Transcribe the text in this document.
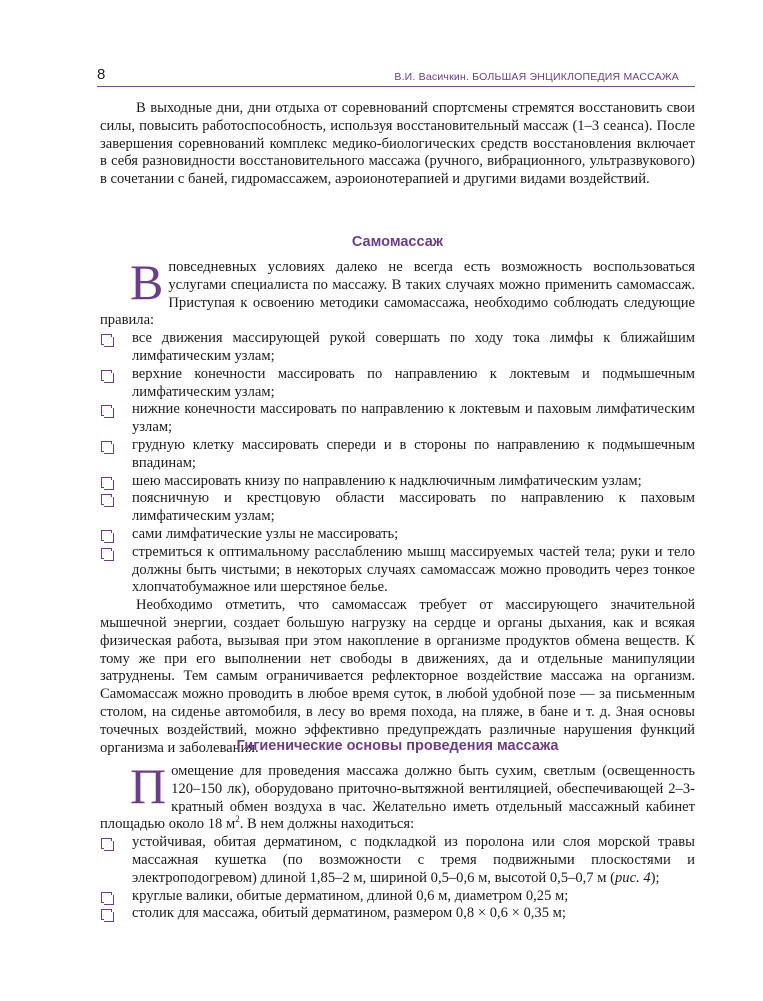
8	В.И. Васичкин. БОЛЬШАЯ ЭНЦИКЛОПЕДИЯ МАССАЖА

В выходные дни, дни отдыха от соревнований спортсмены стремятся восстановить свои силы, повысить работоспособность, используя восстановительный массаж (1–3 сеанса). После завершения соревнований комплекс медико-биологических средств восстановления включает в себя разновидности восстановительного массажа (ручного, вибрационного, ультразвукового) в сочетании с баней, гидромассажем, аэроионотерапией и другими видами воздействий.

Самомассаж

В повседневных условиях далеко не всегда есть возможность воспользоваться услугами специалиста по массажу. В таких случаях можно применить самомассаж. Приступая к освоению методики самомассажа, необходимо соблюдать следующие правила:

все движения массирующей рукой совершать по ходу тока лимфы к ближайшим лимфатическим узлам;
верхние конечности массировать по направлению к локтевым и подмышечным лимфатическим узлам;
нижние конечности массировать по направлению к локтевым и паховым лимфатическим узлам;
грудную клетку массировать спереди и в стороны по направлению к подмышечным впадинам;
шею массировать книзу по направлению к надключичным лимфатическим узлам;
поясничную и крестцовую области массировать по направлению к паховым лимфатическим узлам;
сами лимфатические узлы не массировать;
стремиться к оптимальному расслаблению мышц массируемых частей тела; руки и тело должны быть чистыми; в некоторых случаях самомассаж можно проводить через тонкое хлопчатобумажное или шерстяное белье.

Необходимо отметить, что самомассаж требует от массирующего значительной мышечной энергии, создает большую нагрузку на сердце и органы дыхания, как и всякая физическая работа, вызывая при этом накопление в организме продуктов обмена веществ. К тому же при его выполнении нет свободы в движениях, да и отдельные манипуляции затруднены. Тем самым ограничивается рефлекторное воздействие массажа на организм. Самомассаж можно проводить в любое время суток, в любой удобной позе — за письменным столом, на сиденье автомобиля, в лесу во время похода, на пляже, в бане и т. д. Зная основы точечных воздействий, можно эффективно предупреждать различные нарушения функций организма и заболевания.

Гигиенические основы проведения массажа

Помещение для проведения массажа должно быть сухим, светлым (освещенность 120–150 лк), оборудовано приточно-вытяжной вентиляцией, обеспечивающей 2–3-кратный обмен воздуха в час. Желательно иметь отдельный массажный кабинет площадью около 18 $м^2$. В нем должны находиться:

устойчивая, обитая дерматином, с подкладкой из поролона или слоя морской травы массажная кушетка (по возможности с тремя подвижными плоскостями и электроподогревом) длиной 1,85–2 м, шириной 0,5–0,6 м, высотой 0,5–0,7 м (рис. 4);
круглые валики, обитые дерматином, длиной 0,6 м, диаметром 0,25 м;
столик для массажа, обитый дерматином, размером 0,8 × 0,6 × 0,35 м;
